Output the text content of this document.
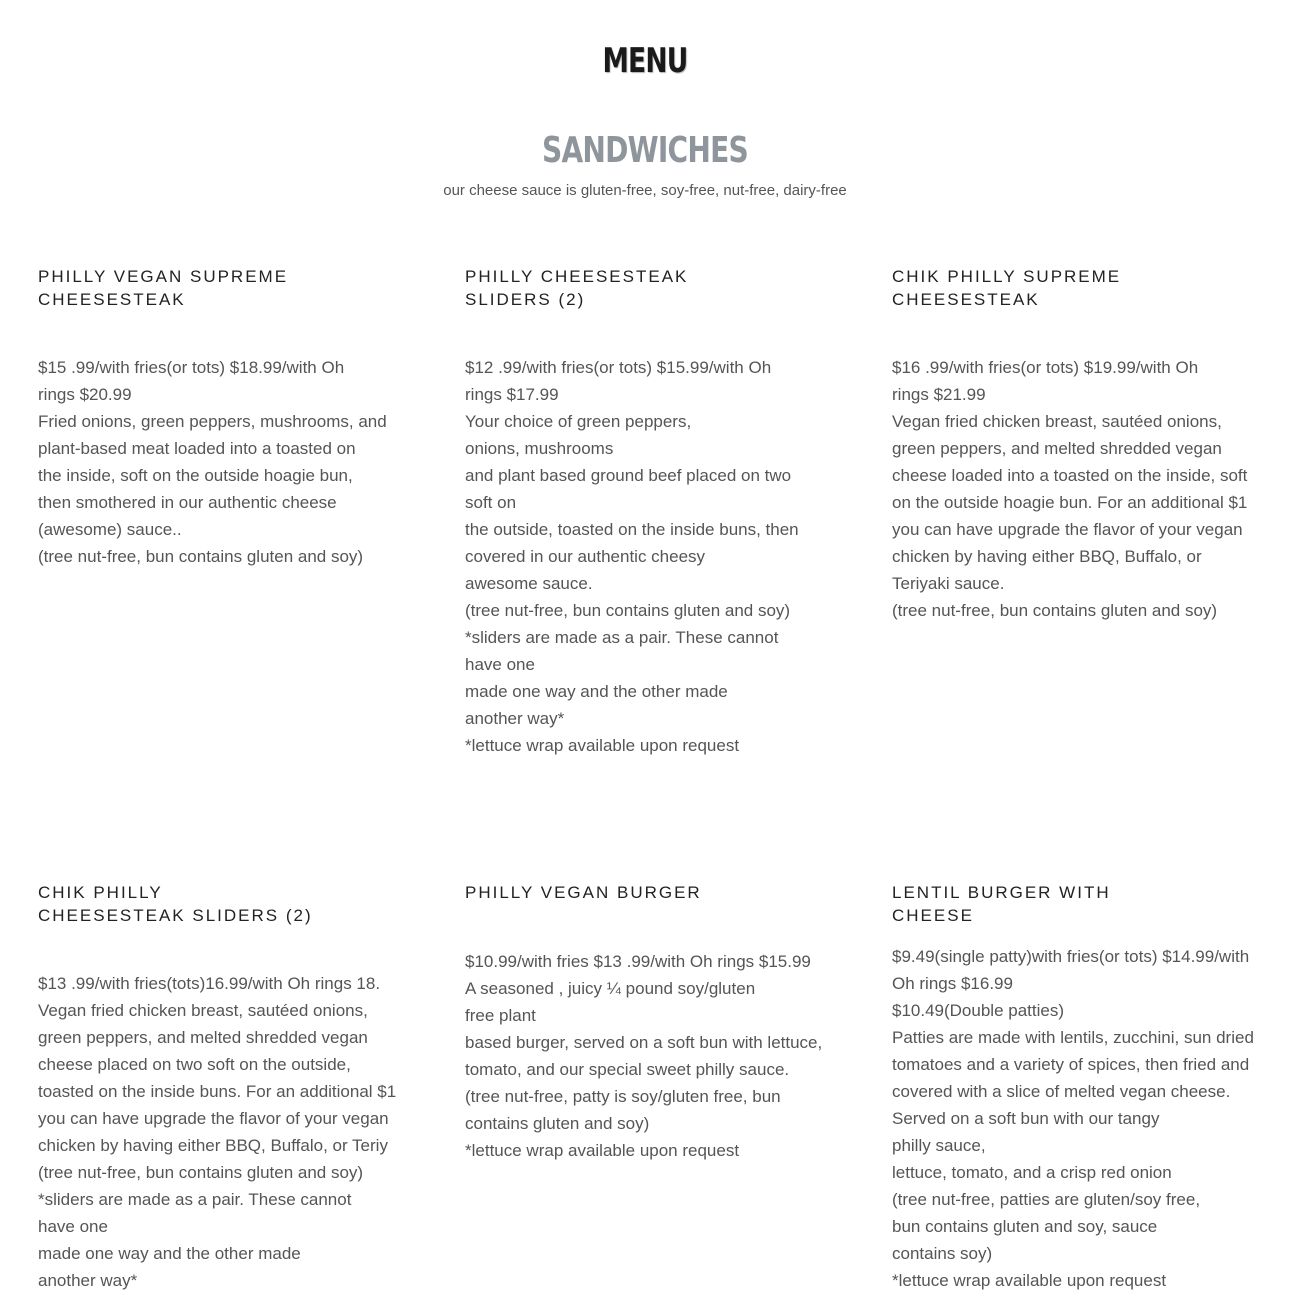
MENU
SANDWICHES
our cheese sauce is gluten-free, soy-free, nut-free, dairy-free
PHILLY VEGAN SUPREME
CHEESESTEAK
$15 .99/with fries(or tots) $18.99/with Oh
rings $20.99
Fried onions, green peppers, mushrooms, and
plant-based meat loaded into a toasted on
the inside, soft on the outside hoagie bun,
then smothered in our authentic cheese
(awesome) sauce..
(tree nut-free, bun contains gluten and soy)
PHILLY CHEESESTEAK
SLIDERS (2)
$12 .99/with fries(or tots) $15.99/with Oh
rings $17.99
Your choice of green peppers,
onions, mushrooms
and plant based ground beef placed on two
soft on
the outside, toasted on the inside buns, then
covered in our authentic cheesy
awesome sauce.
(tree nut-free, bun contains gluten and soy)
*sliders are made as a pair. These cannot
have one
made one way and the other made
another way*
*lettuce wrap available upon request
CHIK PHILLY SUPREME
CHEESESTEAK
$16 .99/with fries(or tots) $19.99/with Oh
rings $21.99
Vegan fried chicken breast, sautéed onions,
green peppers, and melted shredded vegan
cheese loaded into a toasted on the inside, soft
on the outside hoagie bun. For an additional $1
you can have upgrade the flavor of your vegan
chicken by having either BBQ, Buffalo, or
Teriyaki sauce.
(tree nut-free, bun contains gluten and soy)
CHIK PHILLY
CHEESESTEAK SLIDERS (2)
$13 .99/with fries(tots)16.99/with Oh rings 18.
Vegan fried chicken breast, sautéed onions,
green peppers, and melted shredded vegan
cheese placed on two soft on the outside,
toasted on the inside buns. For an additional $1
you can have upgrade the flavor of your vegan
chicken by having either BBQ, Buffalo, or Teriy
(tree nut-free, bun contains gluten and soy)
*sliders are made as a pair. These cannot
have one
made one way and the other made
another way*
PHILLY VEGAN BURGER
$10.99/with fries $13 .99/with Oh rings $15.99
A seasoned , juicy ¼ pound soy/gluten
free plant
based burger, served on a soft bun with lettuce,
tomato, and our special sweet philly sauce.
(tree nut-free, patty is soy/gluten free, bun
contains gluten and soy)
*lettuce wrap available upon request
LENTIL BURGER WITH
CHEESE
$9.49(single patty)with fries(or tots) $14.99/with
Oh rings $16.99
$10.49(Double patties)
Patties are made with lentils, zucchini, sun dried
tomatoes and a variety of spices, then fried and
covered with a slice of melted vegan cheese.
Served on a soft bun with our tangy
philly sauce,
lettuce, tomato, and a crisp red onion
(tree nut-free, patties are gluten/soy free,
bun contains gluten and soy, sauce
contains soy)
*lettuce wrap available upon request
